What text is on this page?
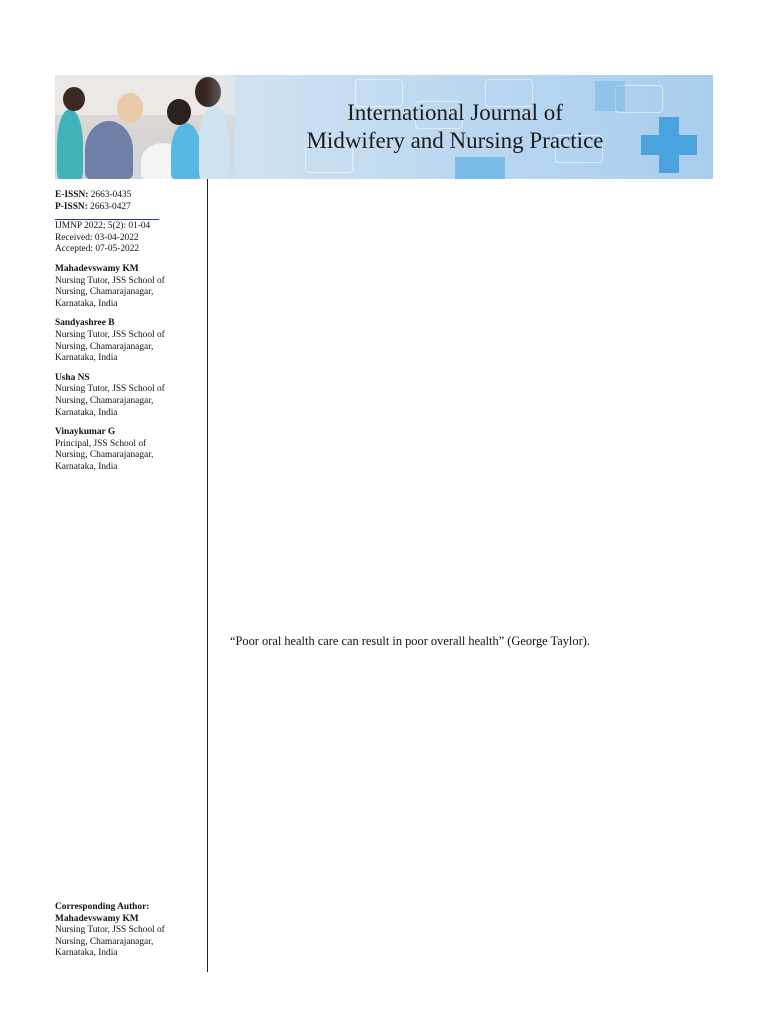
International Journal of
Midwifery and Nursing Practice
E-ISSN: 2663-0435
P-ISSN: 2663-0427
IJMNP 2022; 5(2): 01-04
Received: 03-04-2022
Accepted: 07-05-2022
Mahadevswamy KM
Nursing Tutor, JSS School of
Nursing, Chamarajanagar,
Karnataka, India
Sandyashree B
Nursing Tutor, JSS School of
Nursing, Chamarajanagar,
Karnataka, India
Usha NS
Nursing Tutor, JSS School of
Nursing, Chamarajanagar,
Karnataka, India
Vinaykumar G
Principal, JSS School of
Nursing, Chamarajanagar,
Karnataka, India
Corresponding Author:
Mahadevswamy KM
Nursing Tutor, JSS School of
Nursing, Chamarajanagar,
Karnataka, India
“Poor oral health care can result in poor overall health” (George Taylor).
